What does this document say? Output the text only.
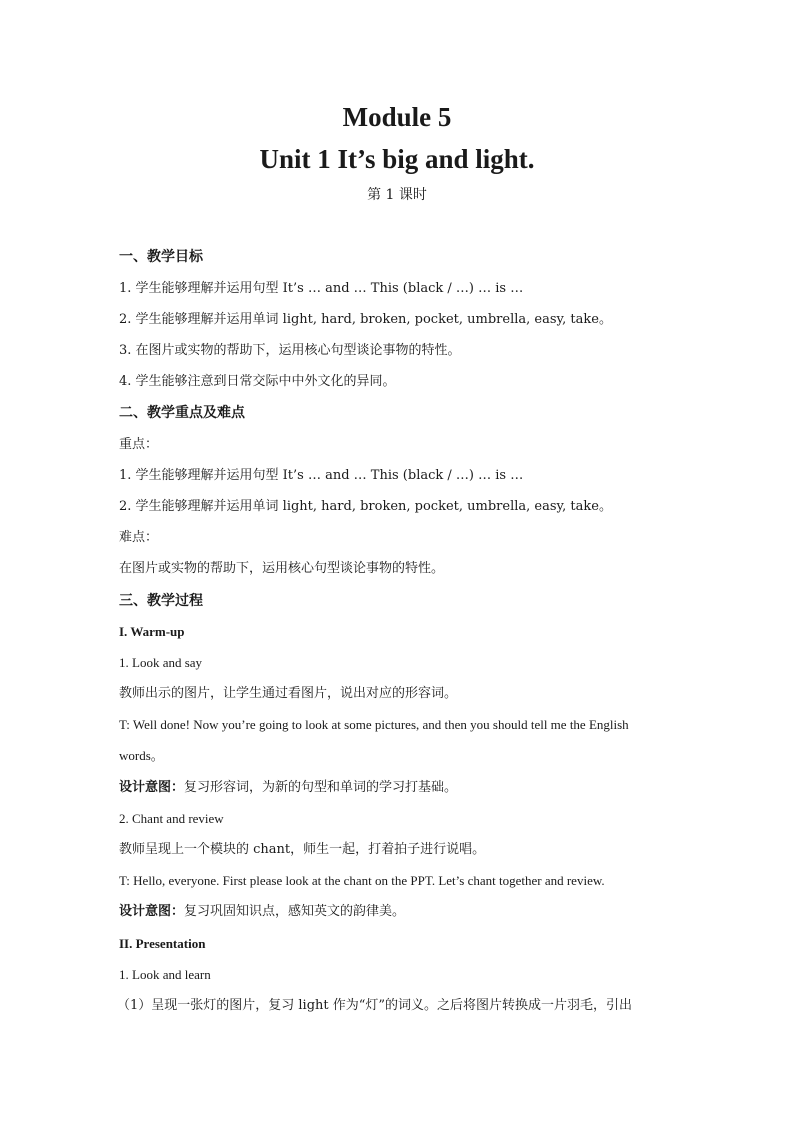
Module 5
Unit 1 It’s big and light.
第 1 课时
一、教学目标
1. 学生能够理解并运用句型 It’s … and … This (black / …) … is …
2. 学生能够理解并运用单词 light, hard, broken, pocket, umbrella, easy, take。
3. 在图片或实物的帮助下，运用核心句型谈论事物的特性。
4. 学生能够注意到日常交际中中外文化的异同。
二、教学重点及难点
重点：
1. 学生能够理解并运用句型 It’s … and … This (black / …) … is …
2. 学生能够理解并运用单词 light, hard, broken, pocket, umbrella, easy, take。
难点：
在图片或实物的帮助下，运用核心句型谈论事物的特性。
三、教学过程
I. Warm-up
1. Look and say
教师出示的图片，让学生通过看图片，说出对应的形容词。
T: Well done! Now you’re going to look at some pictures, and then you should tell me the English
words。
设计意图：复习形容词，为新的句型和单词的学习打基础。
2. Chant and review
教师呈现上一个模块的 chant，师生一起，打着拍子进行说唱。
T: Hello, everyone. First please look at the chant on the PPT. Let’s chant together and review.
设计意图：复习巩固知识点，感知英文的韵律美。
II. Presentation
1. Look and learn
（1）呈现一张灯的图片，复习 light 作为“灯”的词义。之后将图片转换成一片羽毛，引出
